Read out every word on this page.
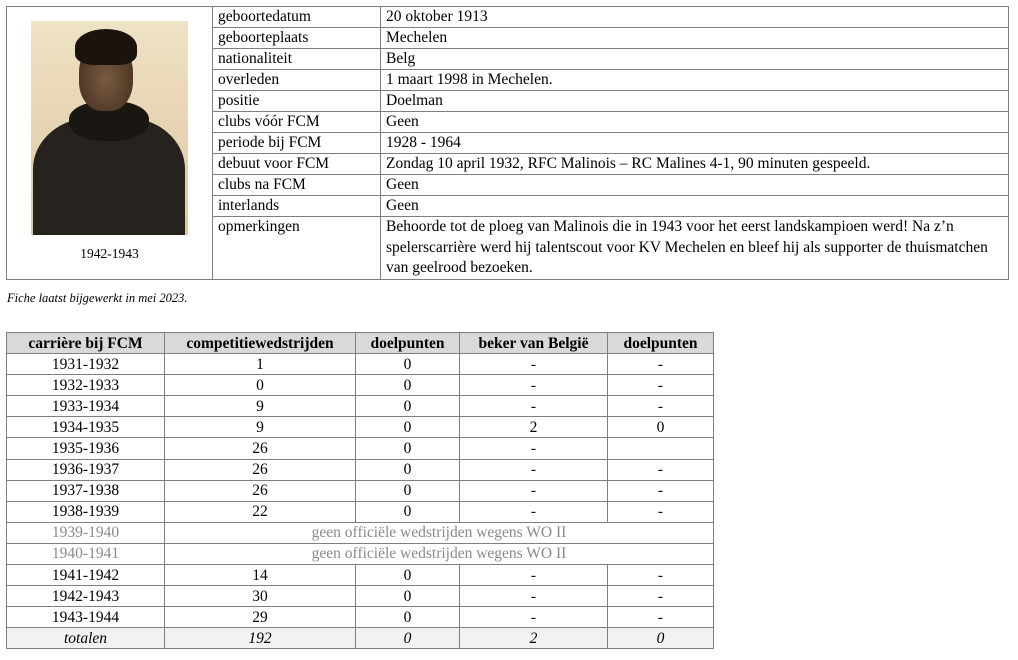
1942-1943	geboortedatum	20 oktober 1913
	geboorteplaats	Mechelen
	nationaliteit	Belg
	overleden	1 maart 1998 in Mechelen.
	positie	Doelman
	clubs vóór FCM	Geen
	periode bij FCM	1928 - 1964
	debuut voor FCM	Zondag 10 april 1932, RFC Malinois – RC Malines 4-1, 90 minuten gespeeld.
	clubs na FCM	Geen
	interlands	Geen
	opmerkingen	Behoorde tot de ploeg van Malinois die in 1943 voor het eerst landskampioen werd! Na z’n spelerscarrière werd hij talentscout voor KV Mechelen en bleef hij als supporter de thuismatchen van geelrood bezoeken.
Fiche laatst bijgewerkt in mei 2023.
carrière bij FCM	competitiewedstrijden	doelpunten	beker van België	doelpunten
1931-1932	1	0	-	-
1932-1933	0	0	-	-
1933-1934	9	0	-	-
1934-1935	9	0	2	0
1935-1936	26	0	-	
1936-1937	26	0	-	-
1937-1938	26	0	-	-
1938-1939	22	0	-	-
1939-1940	geen officiële wedstrijden wegens WO II			
1940-1941	geen officiële wedstrijden wegens WO II			
1941-1942	14	0	-	-
1942-1943	30	0	-	-
1943-1944	29	0	-	-
totalen	192	0	2	0
